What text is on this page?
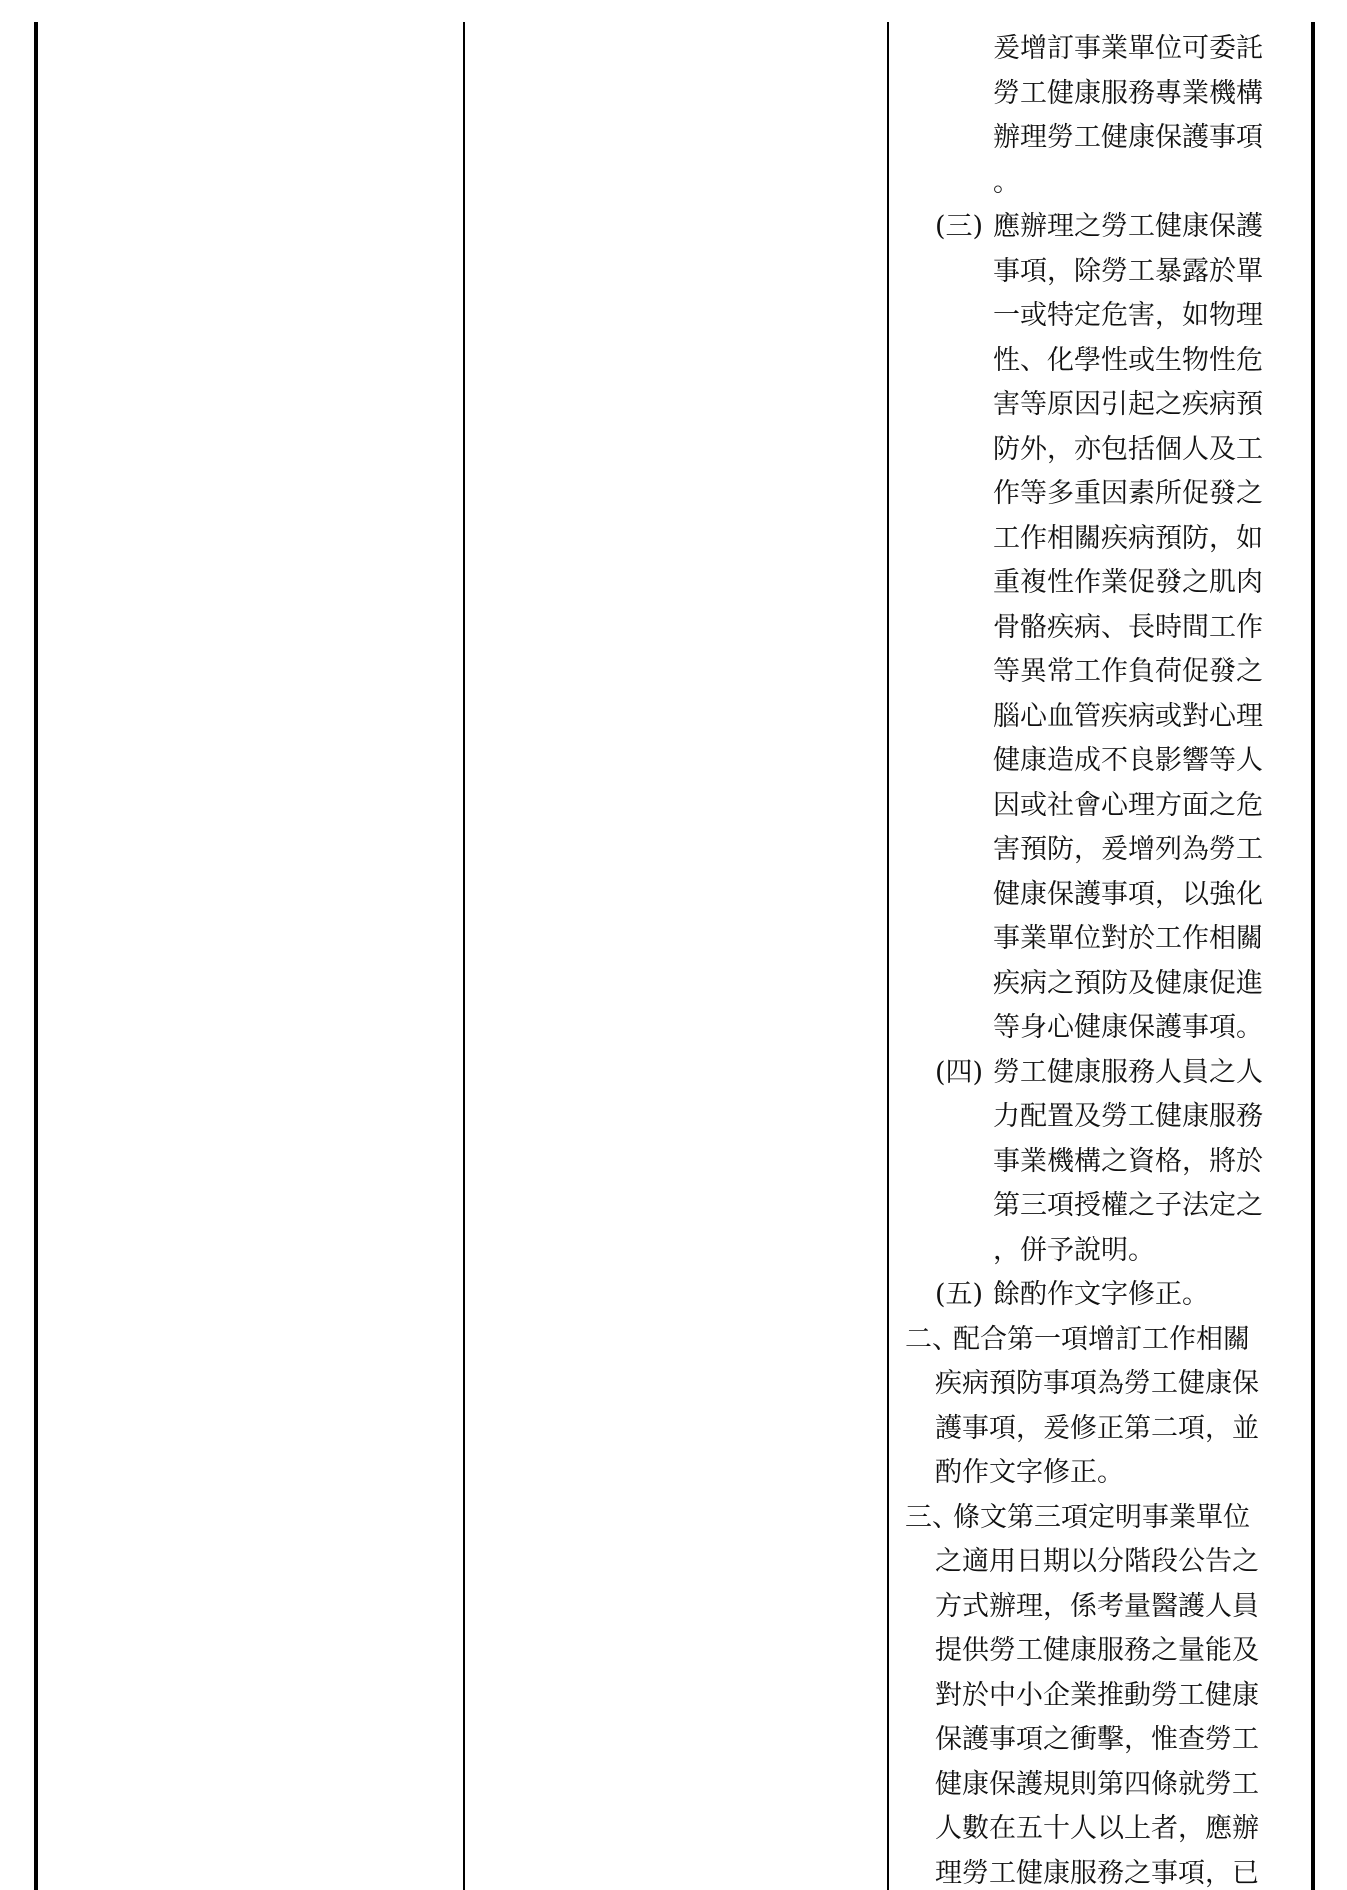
爰增訂事業單位可委託
勞工健康服務專業機構
辦理勞工健康保護事項
。
(三) 應辦理之勞工健康保護
事項，除勞工暴露於單
一或特定危害，如物理
性、化學性或生物性危
害等原因引起之疾病預
防外，亦包括個人及工
作等多重因素所促發之
工作相關疾病預防，如
重複性作業促發之肌肉
骨骼疾病、長時間工作
等異常工作負荷促發之
腦心血管疾病或對心理
健康造成不良影響等人
因或社會心理方面之危
害預防，爰增列為勞工
健康保護事項，以強化
事業單位對於工作相關
疾病之預防及健康促進
等身心健康保護事項。
(四) 勞工健康服務人員之人
力配置及勞工健康服務
事業機構之資格，將於
第三項授權之子法定之
，併予說明。
(五) 餘酌作文字修正。
二、
配合第一項增訂工作相關
疾病預防事項為勞工健康保
護事項，爰修正第二項，並
酌作文字修正。
三、
條文第三項定明事業單位
之適用日期以分階段公告之
方式辦理，係考量醫護人員
提供勞工健康服務之量能及
對於中小企業推動勞工健康
保護事項之衝擊，惟查勞工
健康保護規則第四條就勞工
人數在五十人以上者，應辦
理勞工健康服務之事項，已
